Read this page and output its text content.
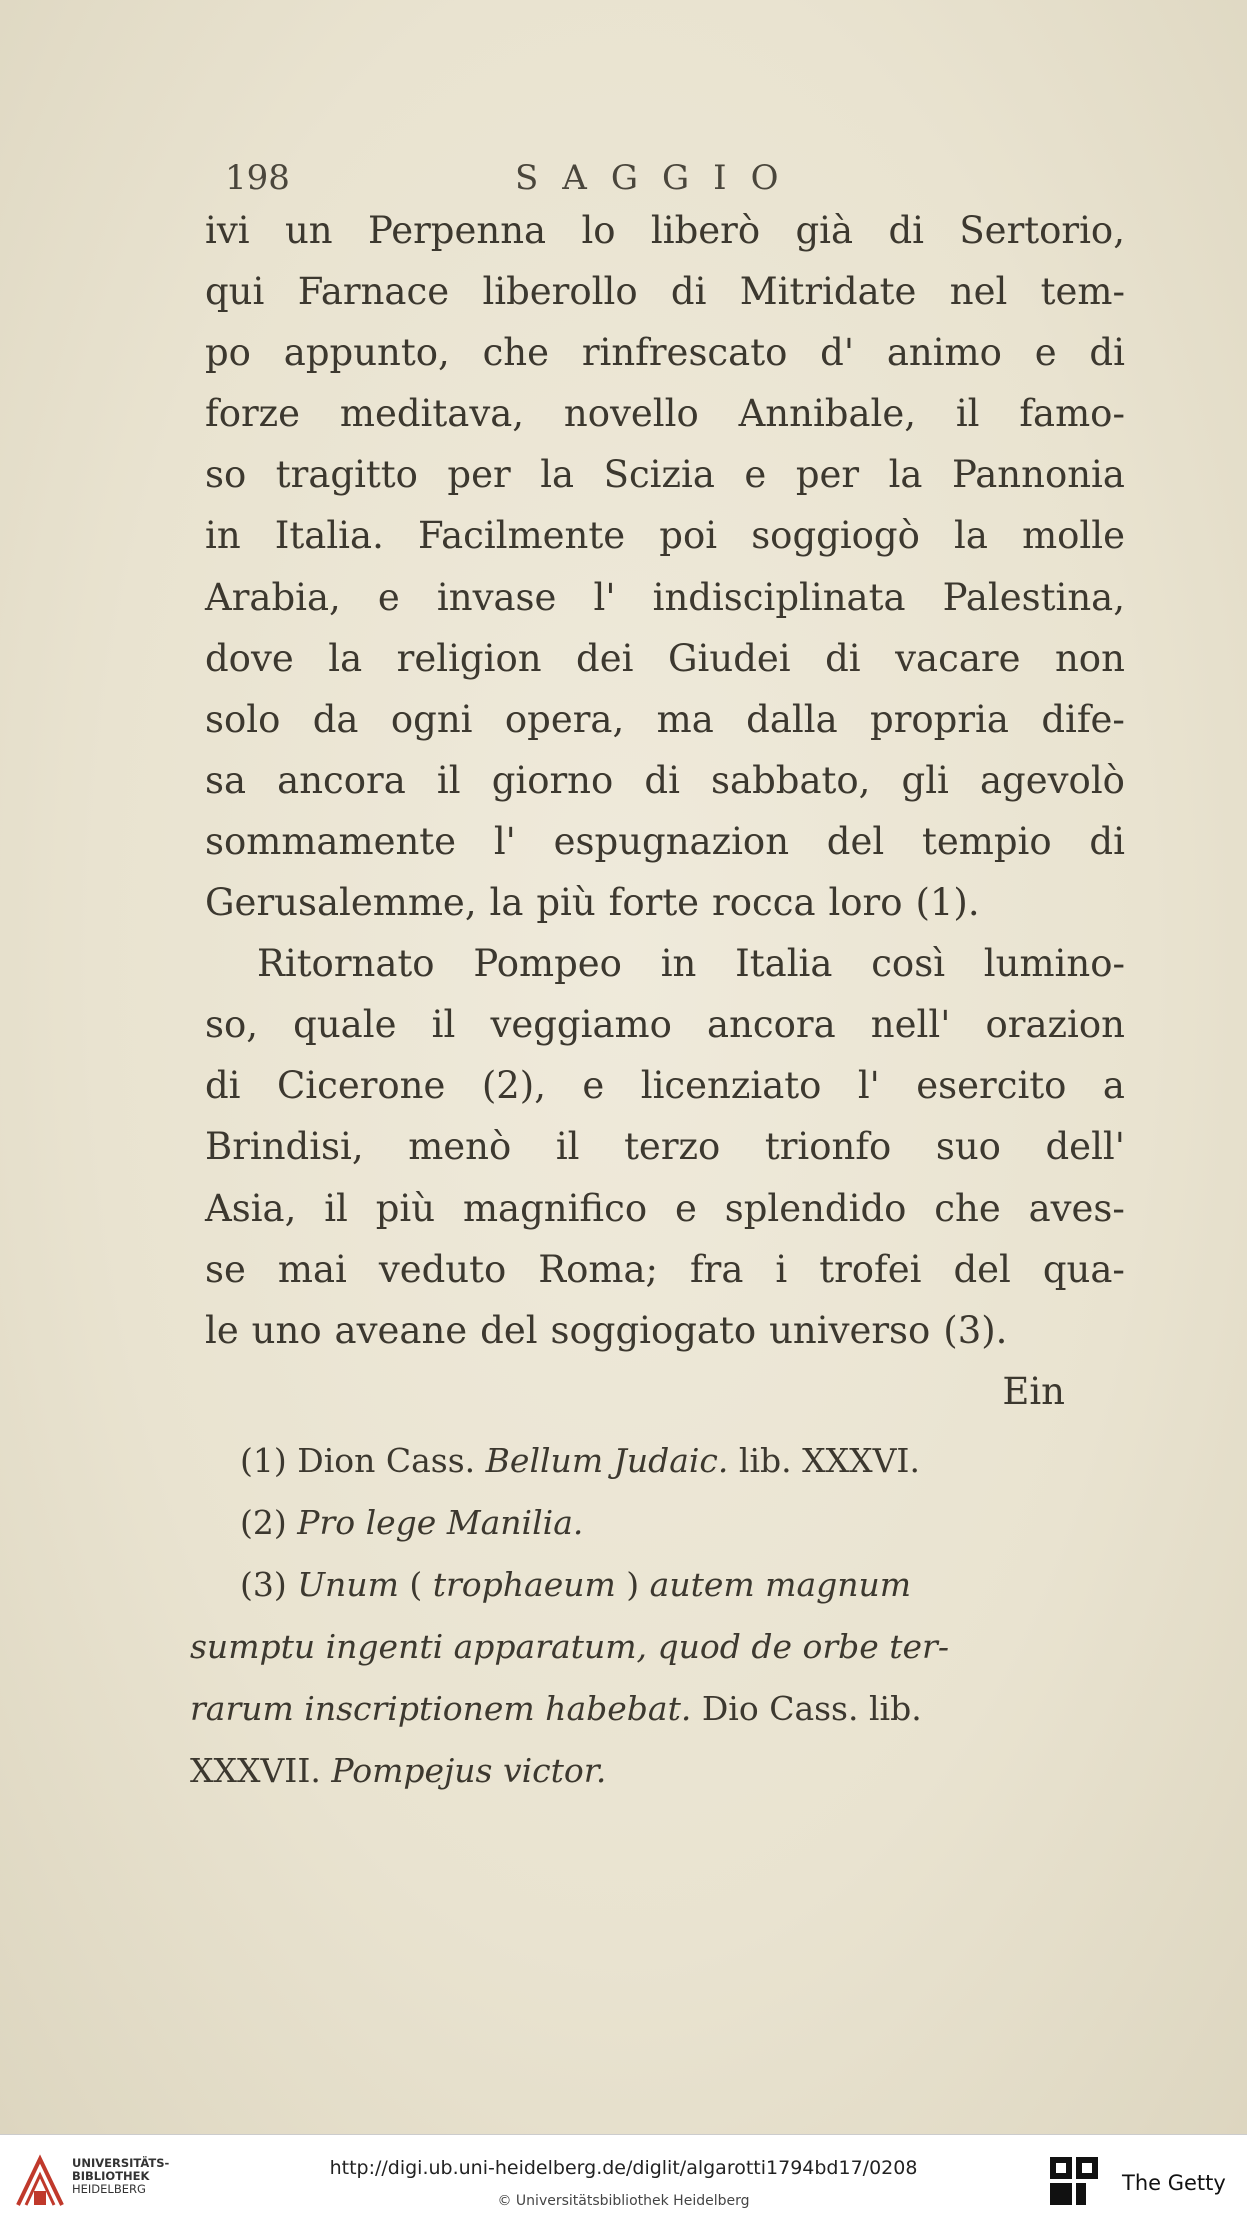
198	SAGGIO
ivi un Perpenna lo liberò già di Sertorio,
qui Farnace liberollo di Mitridate nel tem-
po appunto, che rinfrescato d' animo e di
forze meditava, novello Annibale, il famo-
so tragitto per la Scizia e per la Pannonia
in Italia. Facilmente poi soggiogò la molle
Arabia, e invase l' indisciplinata Palestina,
dove la religion dei Giudei di vacare non
solo da ogni opera, ma dalla propria dife-
sa ancora il giorno di sabbato, gli agevolò
sommamente l' espugnazion del tempio di
Gerusalemme, la più forte rocca loro (1).
Ritornato Pompeo in Italia così lumino-
so, quale il veggiamo ancora nell' orazion
di Cicerone (2), e licenziato l' esercito a
Brindisi, menò il terzo trionfo suo dell'
Asia, il più magnifico e splendido che aves-
se mai veduto Roma; fra i trofei del qua-
le uno aveane del soggiogato universo (3).
E in
(1) Dion Cass. Bellum Judaic. lib. XXXVI.
(2) Pro lege Manilia.
(3) Unum ( trophaeum ) autem magnum
sumptu ingenti apparatum, quod de orbe ter-
rarum inscriptionem habebat. Dio Cass. lib.
XXXVII. Pompejus victor.
UNIVERSITÄTS-
BIBLIOTHEK
HEIDELBERG
http://digi.ub.uni-heidelberg.de/diglit/algarotti1794bd17/0208
© Universitätsbibliothek Heidelberg
The Getty
